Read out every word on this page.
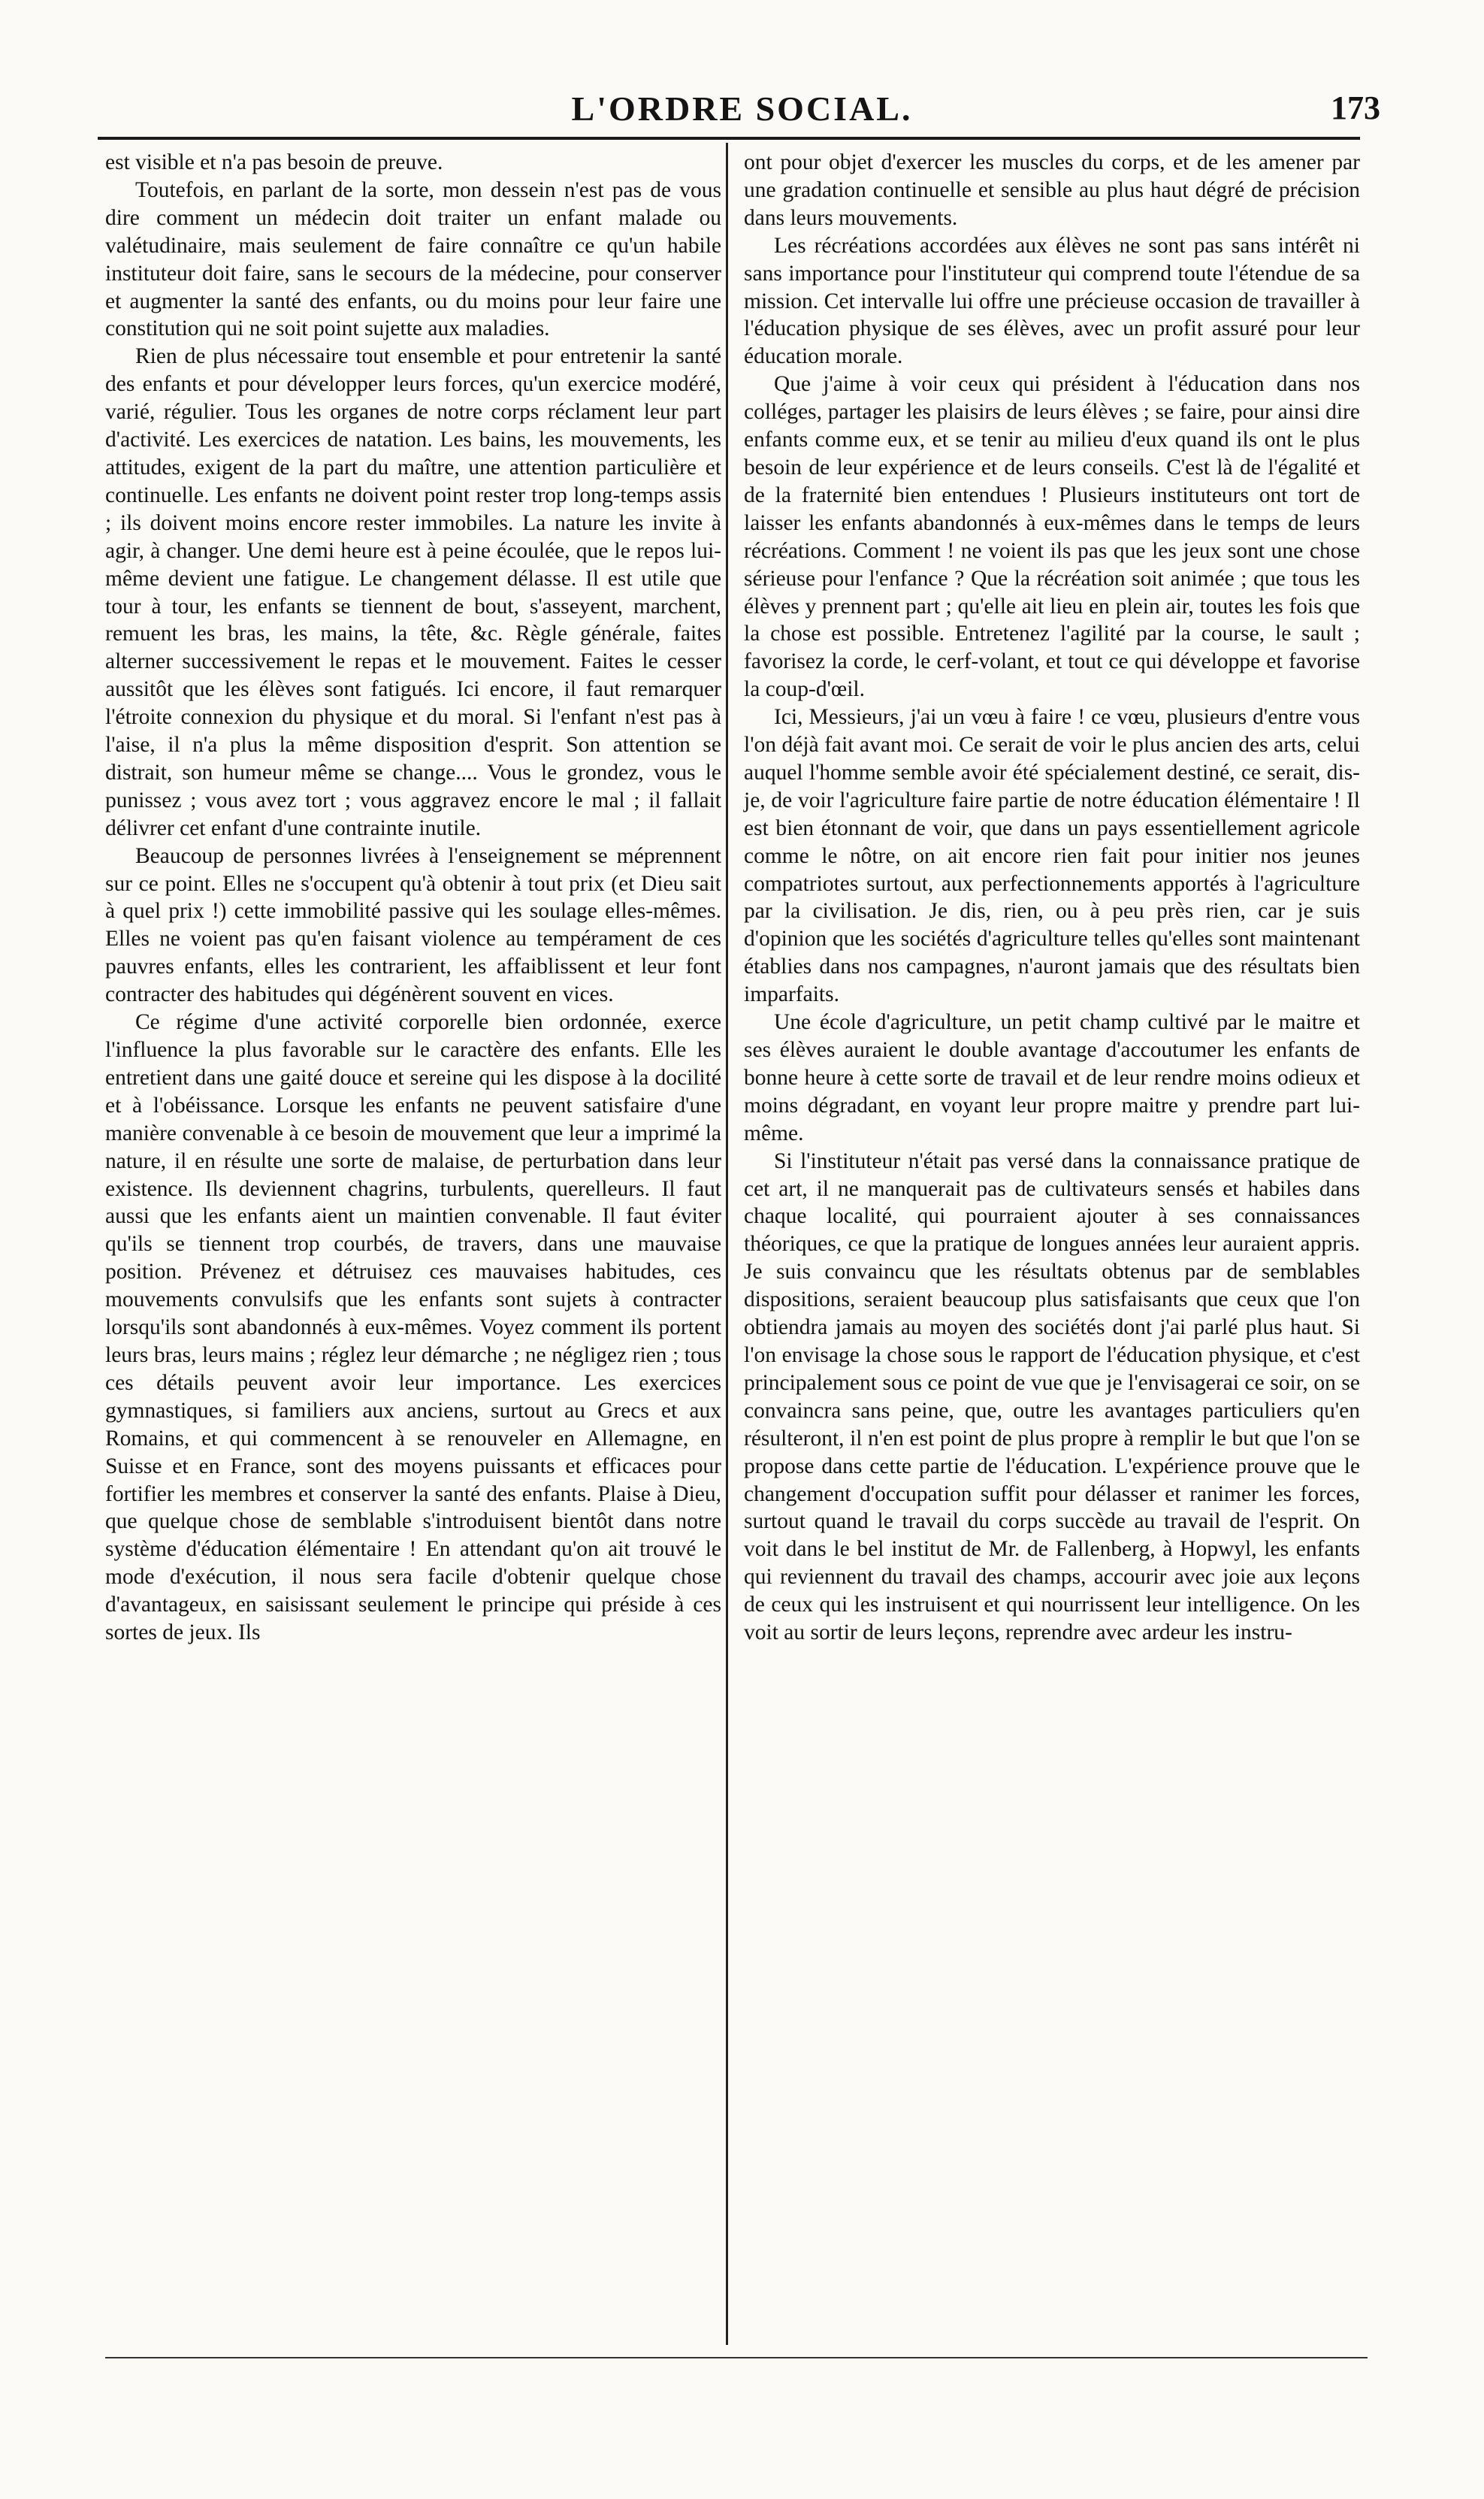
L'ORDRE SOCIAL.	173

est visible et n'a pas besoin de preuve.

Toutefois, en parlant de la sorte, mon dessein n'est pas de vous dire comment un médecin doit traiter un enfant malade ou valétudinaire, mais seulement de faire connaître ce qu'un habile instituteur doit faire, sans le secours de la médecine, pour conserver et augmenter la santé des enfants, ou du moins pour leur faire une constitution qui ne soit point sujette aux maladies.

Rien de plus nécessaire tout ensemble et pour entretenir la santé des enfants et pour développer leurs forces, qu'un exercice modéré, varié, régulier. Tous les organes de notre corps réclament leur part d'activité. Les exercices de natation. Les bains, les mouvements, les attitudes, exigent de la part du maître, une attention particulière et continuelle. Les enfants ne doivent point rester trop long-temps assis ; ils doivent moins encore rester immobiles. La nature les invite à agir, à changer. Une demi heure est à peine écoulée, que le repos lui-même devient une fatigue. Le changement délasse. Il est utile que tour à tour, les enfants se tiennent de bout, s'asseyent, marchent, remuent les bras, les mains, la tête, &c. Règle générale, faites alterner successivement le repas et le mouvement. Faites le cesser aussitôt que les élèves sont fatigués. Ici encore, il faut remarquer l'étroite connexion du physique et du moral. Si l'enfant n'est pas à l'aise, il n'a plus la même disposition d'esprit. Son attention se distrait, son humeur même se change.... Vous le grondez, vous le punissez ; vous avez tort ; vous aggravez encore le mal ; il fallait délivrer cet enfant d'une contrainte inutile.

Beaucoup de personnes livrées à l'enseignement se méprennent sur ce point. Elles ne s'occupent qu'à obtenir à tout prix (et Dieu sait à quel prix !) cette immobilité passive qui les soulage elles-mêmes. Elles ne voient pas qu'en faisant violence au tempérament de ces pauvres enfants, elles les contrarient, les affaiblissent et leur font contracter des habitudes qui dégénèrent souvent en vices.

Ce régime d'une activité corporelle bien ordonnée, exerce l'influence la plus favorable sur le caractère des enfants. Elle les entretient dans une gaité douce et sereine qui les dispose à la docilité et à l'obéissance. Lorsque les enfants ne peuvent satisfaire d'une manière convenable à ce besoin de mouvement que leur a imprimé la nature, il en résulte une sorte de malaise, de perturbation dans leur existence. Ils deviennent chagrins, turbulents, querelleurs. Il faut aussi que les enfants aient un maintien convenable. Il faut éviter qu'ils se tiennent trop courbés, de travers, dans une mauvaise position. Prévenez et détruisez ces mauvaises habitudes, ces mouvements convulsifs que les enfants sont sujets à contracter lorsqu'ils sont abandonnés à eux-mêmes. Voyez comment ils portent leurs bras, leurs mains ; réglez leur démarche ; ne négligez rien ; tous ces détails peuvent avoir leur importance. Les exercices gymnastiques, si familiers aux anciens, surtout au Grecs et aux Romains, et qui commencent à se renouveler en Allemagne, en Suisse et en France, sont des moyens puissants et efficaces pour fortifier les membres et conserver la santé des enfants. Plaise à Dieu, que quelque chose de semblable s'introduisent bientôt dans notre système d'éducation élémentaire ! En attendant qu'on ait trouvé le mode d'exécution, il nous sera facile d'obtenir quelque chose d'avantageux, en saisissant seulement le principe qui préside à ces sortes de jeux. Ils

ont pour objet d'exercer les muscles du corps, et de les amener par une gradation continuelle et sensible au plus haut dégré de précision dans leurs mouvements.

Les récréations accordées aux élèves ne sont pas sans intérêt ni sans importance pour l'instituteur qui comprend toute l'étendue de sa mission. Cet intervalle lui offre une précieuse occasion de travailler à l'éducation physique de ses élèves, avec un profit assuré pour leur éducation morale.

Que j'aime à voir ceux qui président à l'éducation dans nos colléges, partager les plaisirs de leurs élèves ; se faire, pour ainsi dire enfants comme eux, et se tenir au milieu d'eux quand ils ont le plus besoin de leur expérience et de leurs conseils. C'est là de l'égalité et de la fraternité bien entendues ! Plusieurs instituteurs ont tort de laisser les enfants abandonnés à eux-mêmes dans le temps de leurs récréations. Comment ! ne voient ils pas que les jeux sont une chose sérieuse pour l'enfance ? Que la récréation soit animée ; que tous les élèves y prennent part ; qu'elle ait lieu en plein air, toutes les fois que la chose est possible. Entretenez l'agilité par la course, le sault ; favorisez la corde, le cerf-volant, et tout ce qui développe et favorise la coup-d'œil.

Ici, Messieurs, j'ai un vœu à faire ! ce vœu, plusieurs d'entre vous l'on déjà fait avant moi. Ce serait de voir le plus ancien des arts, celui auquel l'homme semble avoir été spécialement destiné, ce serait, dis-je, de voir l'agriculture faire partie de notre éducation élémentaire ! Il est bien étonnant de voir, que dans un pays essentiellement agricole comme le nôtre, on ait encore rien fait pour initier nos jeunes compatriotes surtout, aux perfectionnements apportés à l'agriculture par la civilisation. Je dis, rien, ou à peu près rien, car je suis d'opinion que les sociétés d'agriculture telles qu'elles sont maintenant établies dans nos campagnes, n'auront jamais que des résultats bien imparfaits.

Une école d'agriculture, un petit champ cultivé par le maitre et ses élèves auraient le double avantage d'accoutumer les enfants de bonne heure à cette sorte de travail et de leur rendre moins odieux et moins dégradant, en voyant leur propre maitre y prendre part lui-même.

Si l'instituteur n'était pas versé dans la connaissance pratique de cet art, il ne manquerait pas de cultivateurs sensés et habiles dans chaque localité, qui pourraient ajouter à ses connaissances théoriques, ce que la pratique de longues années leur auraient appris. Je suis convaincu que les résultats obtenus par de semblables dispositions, seraient beaucoup plus satisfaisants que ceux que l'on obtiendra jamais au moyen des sociétés dont j'ai parlé plus haut. Si l'on envisage la chose sous le rapport de l'éducation physique, et c'est principalement sous ce point de vue que je l'envisagerai ce soir, on se convaincra sans peine, que, outre les avantages particuliers qu'en résulteront, il n'en est point de plus propre à remplir le but que l'on se propose dans cette partie de l'éducation. L'expérience prouve que le changement d'occupation suffit pour délasser et ranimer les forces, surtout quand le travail du corps succède au travail de l'esprit. On voit dans le bel institut de Mr. de Fallenberg, à Hopwyl, les enfants qui reviennent du travail des champs, accourir avec joie aux leçons de ceux qui les instruisent et qui nourrissent leur intelligence. On les voit au sortir de leurs leçons, reprendre avec ardeur les instru-
